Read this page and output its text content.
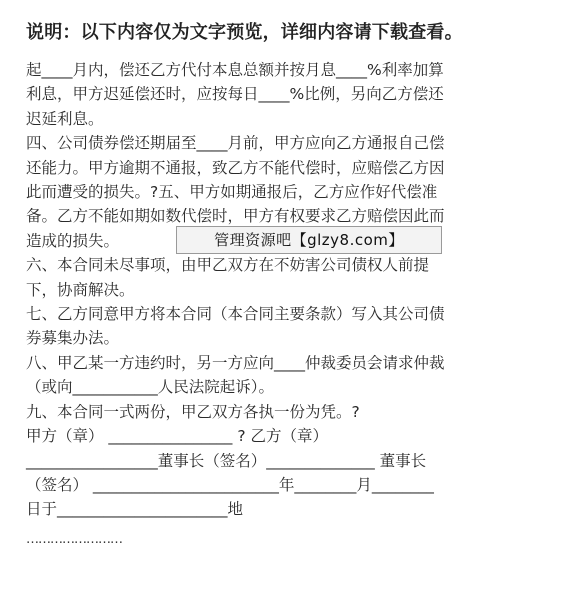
说明：以下内容仅为文字预览，详细内容请下载查看。

起____月内，偿还乙方代付本息总额并按月息____%利率加算

利息，甲方迟延偿还时，应按每日____%比例，另向乙方偿还

迟延利息。

四、公司债券偿还期届至____月前，甲方应向乙方通报自己偿

还能力。甲方逾期不通报，致乙方不能代偿时，应赔偿乙方因

此而遭受的损失。?五、甲方如期通报后，乙方应作好代偿准

备。乙方不能如期如数代偿时，甲方有权要求乙方赔偿因此而

造成的损失。

六、本合同未尽事项，由甲乙双方在不妨害公司债权人前提

下，协商解决。

七、乙方同意甲方将本合同（本合同主要条款）写入其公司债

券募集办法。

八、甲乙某一方违约时，另一方应向____仲裁委员会请求仲裁

（或向___________人民法院起诉）。

九、本合同一式两份，甲乙双方各执一份为凭。?

甲方（章） ________________ ? 乙方（章）

_________________董事长（签名）______________ 董事长

（签名） ________________________年________月________

日于______________________地

管理资源吧【glzy8.com】
……………………
